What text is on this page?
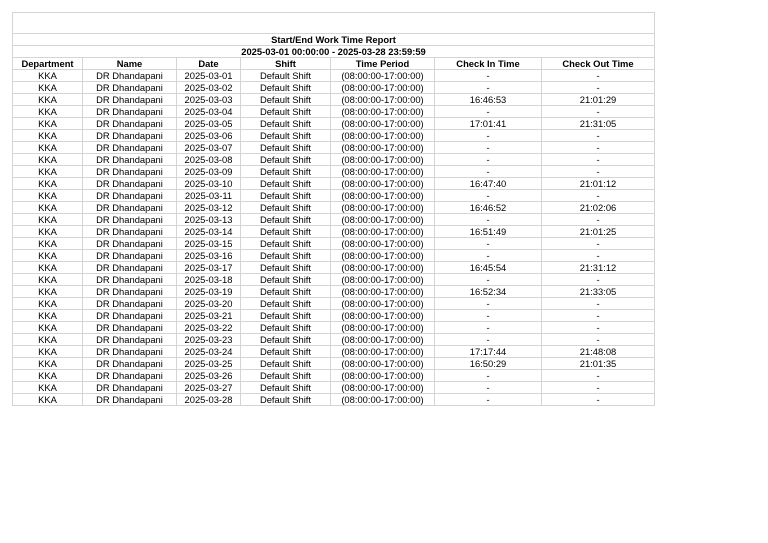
Start/End Work Time Report						
2025-03-01 00:00:00 - 2025-03-28 23:59:59						
Department	Name	Date	Shift	Time Period	Check In Time	Check Out Time
KKA	DR Dhandapani	2025-03-01	Default Shift	(08:00:00-17:00:00)	-	-
KKA	DR Dhandapani	2025-03-02	Default Shift	(08:00:00-17:00:00)	-	-
KKA	DR Dhandapani	2025-03-03	Default Shift	(08:00:00-17:00:00)	16:46:53	21:01:29
KKA	DR Dhandapani	2025-03-04	Default Shift	(08:00:00-17:00:00)	-	-
KKA	DR Dhandapani	2025-03-05	Default Shift	(08:00:00-17:00:00)	17:01:41	21:31:05
KKA	DR Dhandapani	2025-03-06	Default Shift	(08:00:00-17:00:00)	-	-
KKA	DR Dhandapani	2025-03-07	Default Shift	(08:00:00-17:00:00)	-	-
KKA	DR Dhandapani	2025-03-08	Default Shift	(08:00:00-17:00:00)	-	-
KKA	DR Dhandapani	2025-03-09	Default Shift	(08:00:00-17:00:00)	-	-
KKA	DR Dhandapani	2025-03-10	Default Shift	(08:00:00-17:00:00)	16:47:40	21:01:12
KKA	DR Dhandapani	2025-03-11	Default Shift	(08:00:00-17:00:00)	-	-
KKA	DR Dhandapani	2025-03-12	Default Shift	(08:00:00-17:00:00)	16:46:52	21:02:06
KKA	DR Dhandapani	2025-03-13	Default Shift	(08:00:00-17:00:00)	-	-
KKA	DR Dhandapani	2025-03-14	Default Shift	(08:00:00-17:00:00)	16:51:49	21:01:25
KKA	DR Dhandapani	2025-03-15	Default Shift	(08:00:00-17:00:00)	-	-
KKA	DR Dhandapani	2025-03-16	Default Shift	(08:00:00-17:00:00)	-	-
KKA	DR Dhandapani	2025-03-17	Default Shift	(08:00:00-17:00:00)	16:45:54	21:31:12
KKA	DR Dhandapani	2025-03-18	Default Shift	(08:00:00-17:00:00)	-	-
KKA	DR Dhandapani	2025-03-19	Default Shift	(08:00:00-17:00:00)	16:52:34	21:33:05
KKA	DR Dhandapani	2025-03-20	Default Shift	(08:00:00-17:00:00)	-	-
KKA	DR Dhandapani	2025-03-21	Default Shift	(08:00:00-17:00:00)	-	-
KKA	DR Dhandapani	2025-03-22	Default Shift	(08:00:00-17:00:00)	-	-
KKA	DR Dhandapani	2025-03-23	Default Shift	(08:00:00-17:00:00)	-	-
KKA	DR Dhandapani	2025-03-24	Default Shift	(08:00:00-17:00:00)	17:17:44	21:48:08
KKA	DR Dhandapani	2025-03-25	Default Shift	(08:00:00-17:00:00)	16:50:29	21:01:35
KKA	DR Dhandapani	2025-03-26	Default Shift	(08:00:00-17:00:00)	-	-
KKA	DR Dhandapani	2025-03-27	Default Shift	(08:00:00-17:00:00)	-	-
KKA	DR Dhandapani	2025-03-28	Default Shift	(08:00:00-17:00:00)	-	-
